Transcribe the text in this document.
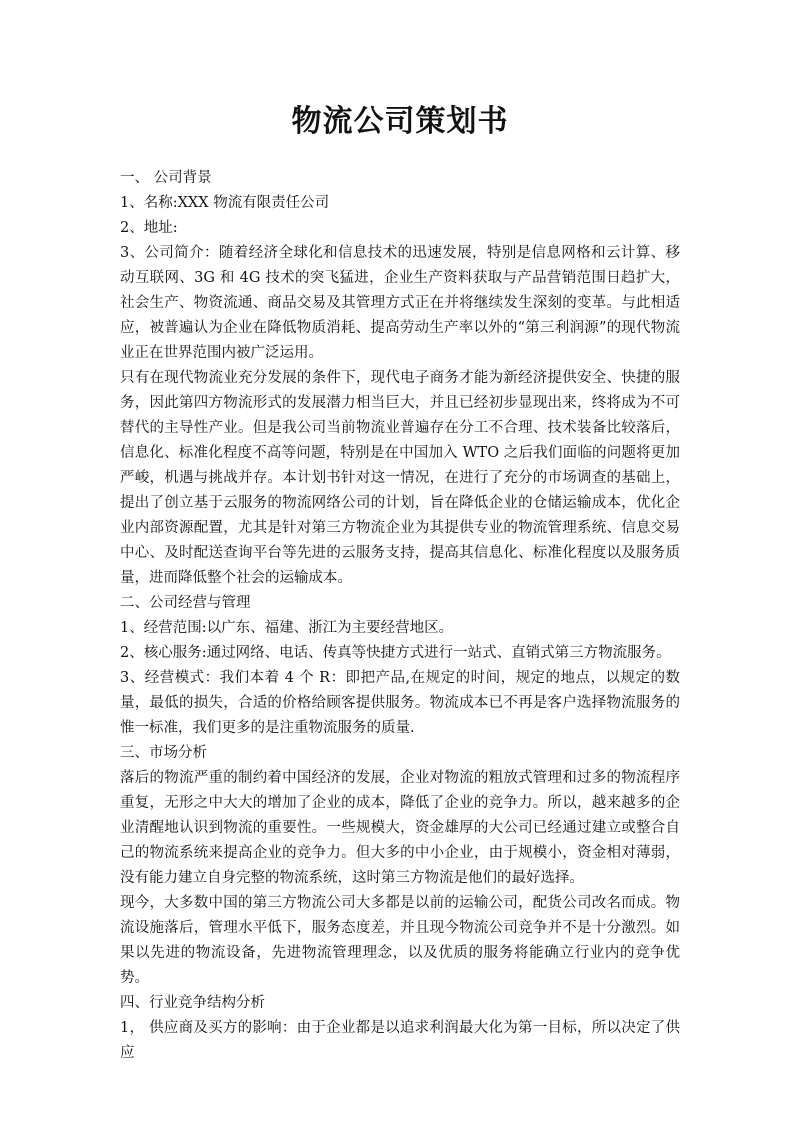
物流公司策划书

一、 公司背景

1、名称:XXX 物流有限责任公司

2、地址:

3、公司简介：随着经济全球化和信息技术的迅速发展，特别是信息网格和云计算、移动互联网、3G 和 4G 技术的突飞猛进，企业生产资料获取与产品营销范围日趋扩大，社会生产、物资流通、商品交易及其管理方式正在并将继续发生深刻的变革。与此相适应，被普遍认为企业在降低物质消耗、提高劳动生产率以外的“第三利润源”的现代物流业正在世界范围内被广泛运用。

只有在现代物流业充分发展的条件下，现代电子商务才能为新经济提供安全、快捷的服务，因此第四方物流形式的发展潜力相当巨大，并且已经初步显现出来，终将成为不可替代的主导性产业。但是我公司当前物流业普遍存在分工不合理、技术装备比较落后，信息化、标准化程度不高等问题，特别是在中国加入 WTO 之后我们面临的问题将更加严峻，机遇与挑战并存。本计划书针对这一情况，在进行了充分的市场调查的基础上，提出了创立基于云服务的物流网络公司的计划，旨在降低企业的仓储运输成本，优化企业内部资源配置，尤其是针对第三方物流企业为其提供专业的物流管理系统、信息交易中心、及时配送查询平台等先进的云服务支持，提高其信息化、标准化程度以及服务质量，进而降低整个社会的运输成本。

二、公司经营与管理

1、经营范围:以广东、福建、浙江为主要经营地区。

2、核心服务:通过网络、电话、传真等快捷方式进行一站式、直销式第三方物流服务。

3、经营模式：我们本着 4 个 R：即把产品,在规定的时间，规定的地点，以规定的数量，最低的损失，合适的价格给顾客提供服务。物流成本已不再是客户选择物流服务的惟一标准，我们更多的是注重物流服务的质量.

三、市场分析

落后的物流严重的制约着中国经济的发展，企业对物流的粗放式管理和过多的物流程序重复，无形之中大大的增加了企业的成本，降低了企业的竞争力。所以，越来越多的企业清醒地认识到物流的重要性。一些规模大，资金雄厚的大公司已经通过建立或整合自己的物流系统来提高企业的竞争力。但大多的中小企业，由于规模小，资金相对薄弱，没有能力建立自身完整的物流系统，这时第三方物流是他们的最好选择。

现今，大多数中国的第三方物流公司大多都是以前的运输公司，配货公司改名而成。物流设施落后，管理水平低下，服务态度差，并且现今物流公司竞争并不是十分激烈。如果以先进的物流设备，先进物流管理理念，以及优质的服务将能确立行业内的竞争优势。

四、行业竞争结构分析

1， 供应商及买方的影响：由于企业都是以追求利润最大化为第一目标，所以决定了供应
